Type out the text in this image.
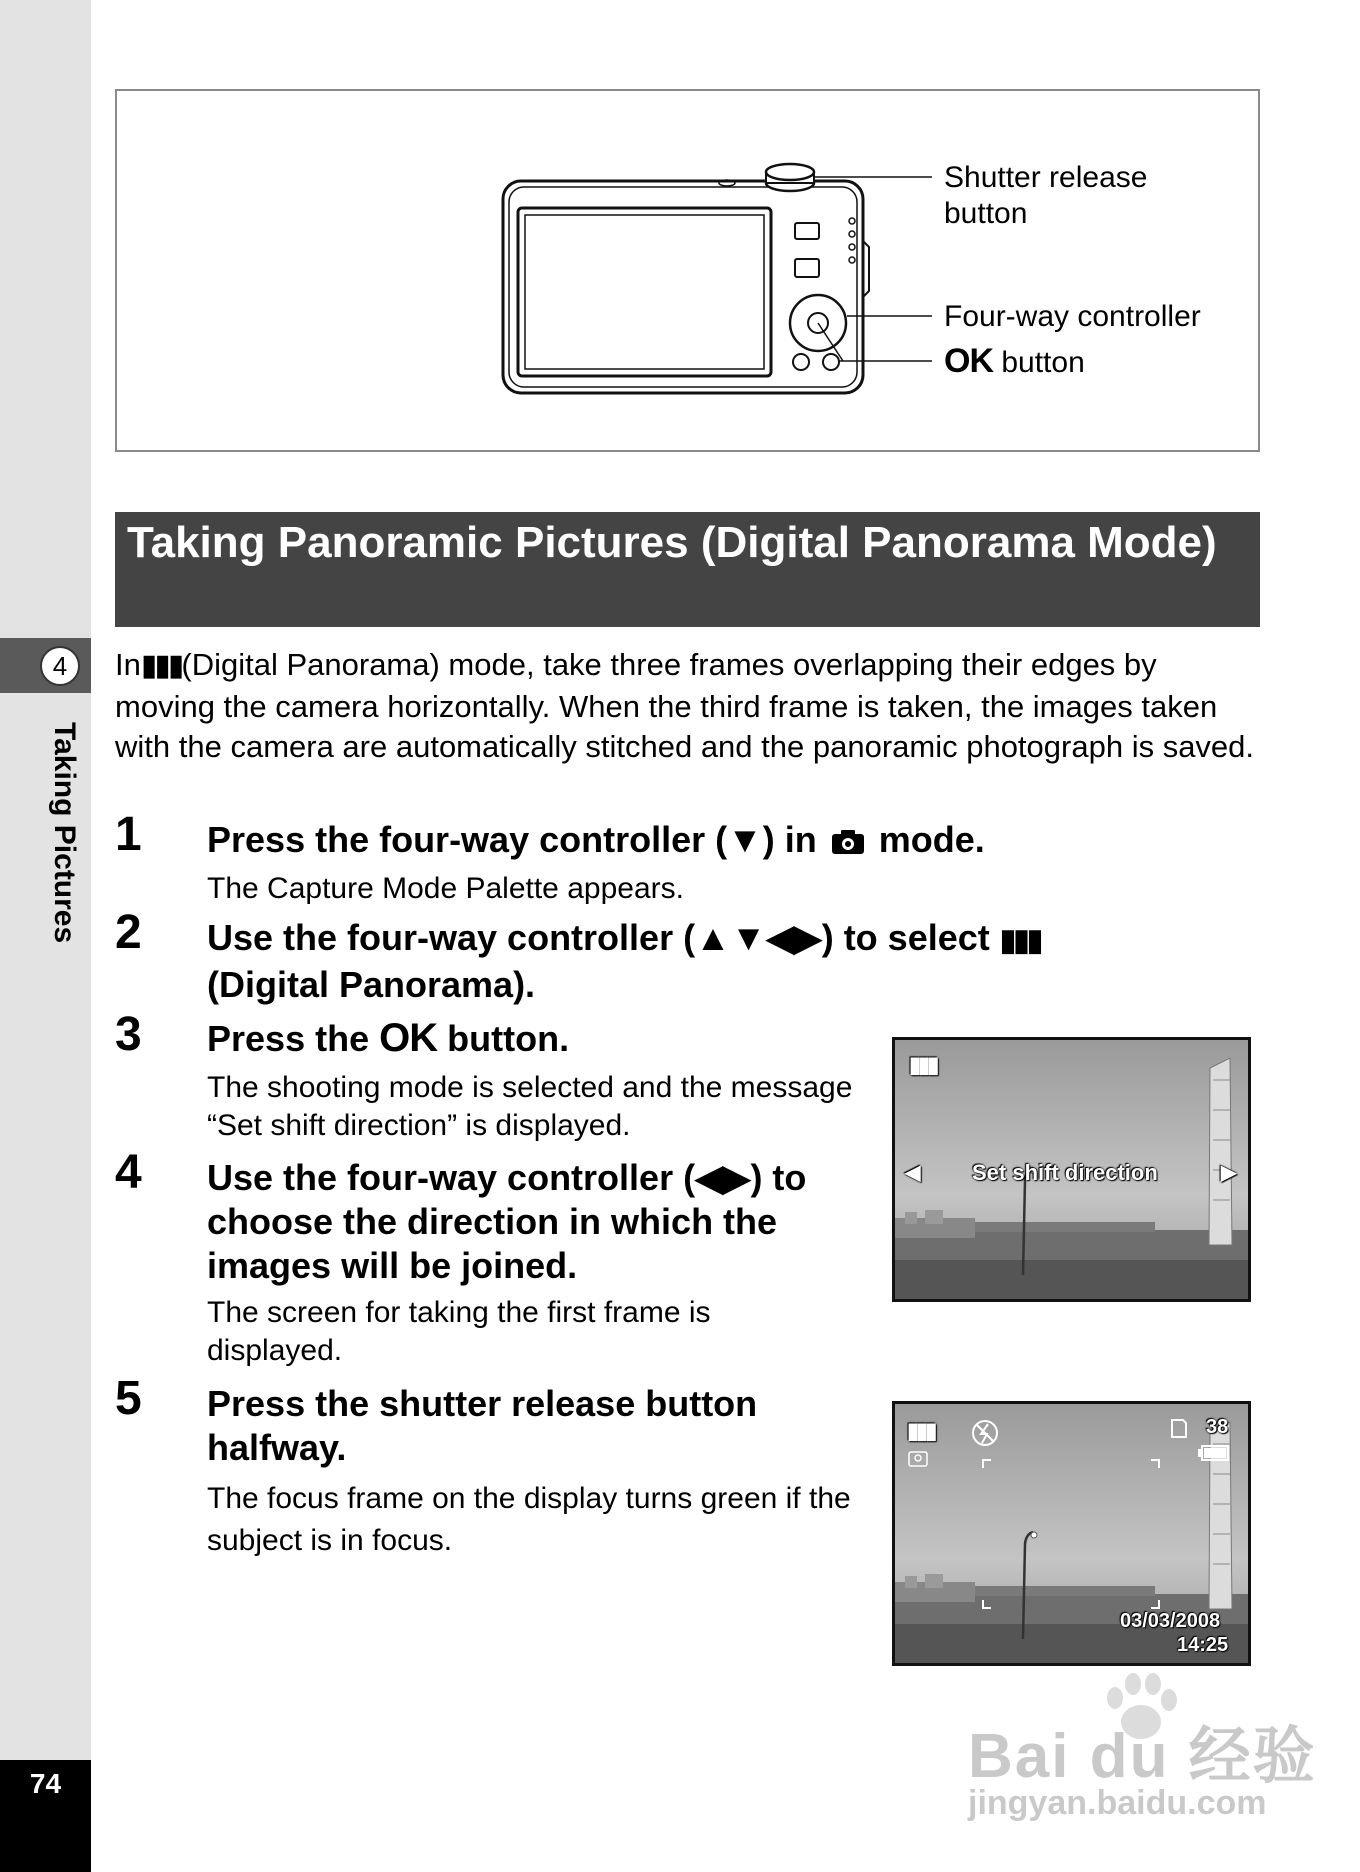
4
Taking Pictures
74
Shutter release button
Four-way controller
OK button
Taking Panoramic Pictures (Digital Panorama Mode)
In▮▮▮(Digital Panorama) mode, take three frames overlapping their edges by moving the camera horizontally. When the third frame is taken, the images taken with the camera are automatically stitched and the panoramic photograph is saved.
1 Press the four-way controller (▼) in mode.
The Capture Mode Palette appears.
2 Use the four-way controller (▲▼◀▶) to select ▮▮▮
(Digital Panorama).
3 Press the OK button.
The shooting mode is selected and the message “Set shift direction” is displayed.
4 Use the four-way controller (◀▶) to choose the direction in which the images will be joined.
The screen for taking the first frame is displayed.
5 Press the shutter release button halfway.
The focus frame on the display turns green if the subject is in focus.
▮▮▮
◀ Set shift direction	▶
▮▮▮	38
03/03/2008
14:25
Bai du 经验
jingyan.baidu.com
